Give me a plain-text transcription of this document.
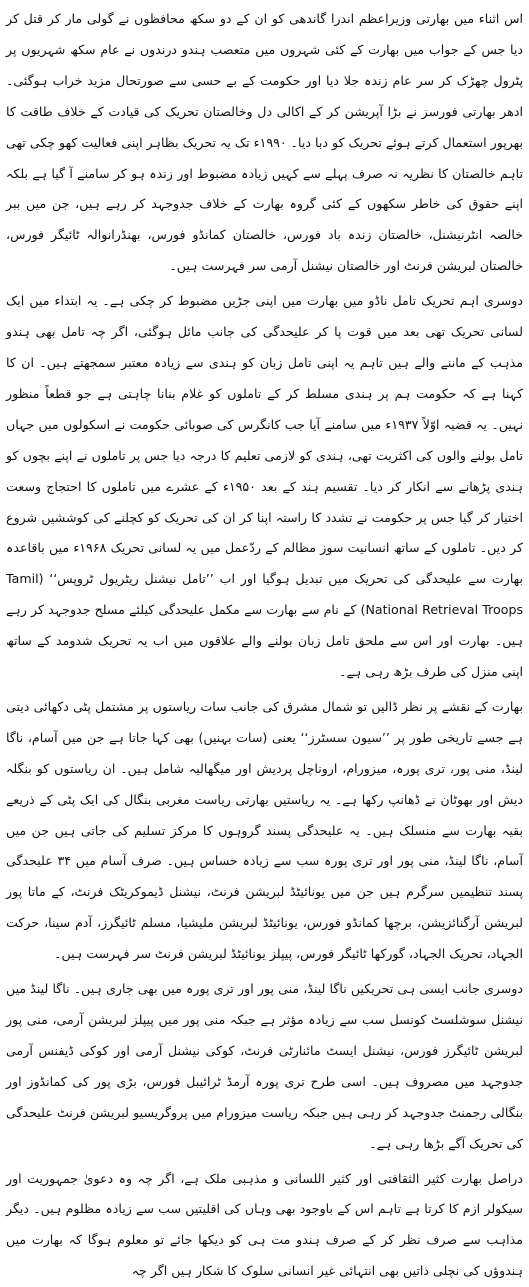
اس اثناء میں بھارتی وزیراعظم اندرا گاندھی کو ان کے دو سکھ محافظوں نے گولی مار کر قتل کر دیا جس کے جواب میں بھارت کے کئی شہروں میں متعصب ہندو درندوں نے عام سکھ شہریوں پر پٹرول چھڑک کر سر عام زندہ جلا دیا اور حکومت کے بے حسی سے صورتحال مزید خراب ہوگئی۔ ادھر بھارتی فورسز نے بڑا آپریشن کر کے اکالی دل وخالصتان تحریک کی قیادت کے خلاف طاقت کا بھرپور استعمال کرتے ہوئے تحریک کو دبا دیا۔ ۱۹۹۰ء تک یہ تحریک بظاہر اپنی فعالیت کھو چکی تھی تاہم خالصتان کا نظریہ نہ صرف پہلے سے کہیں زیادہ مضبوط اور زندہ ہو کر سامنے آ گیا ہے بلکہ اپنے حقوق کی خاطر سکھوں کے کئی گروہ بھارت کے خلاف جدوجہد کر رہے ہیں، جن میں ببر خالصہ انٹرنیشنل، خالصتان زندہ باد فورس، خالصتان کمانڈو فورس، بھنڈرانوالہ ٹائیگر فورس، خالصتان لبریشن فرنٹ اور خالصتان نیشنل آرمی سر فہرست ہیں۔

دوسری اہم تحریک تامل ناڈو میں بھارت میں اپنی جڑیں مضبوط کر چکی ہے۔ یہ ابتداء میں ایک لسانی تحریک تھی بعد میں قوت پا کر علیحدگی کی جانب مائل ہوگئی، اگر چہ تامل بھی ہندو مذہب کے ماننے والے ہیں تاہم یہ اپنی تامل زبان کو ہندی سے زیادہ معتبر سمجھتے ہیں۔ ان کا کہنا ہے کہ حکومت ہم پر ہندی مسلط کر کے تاملوں کو غلام بنانا چاہتی ہے جو قطعاً منظور نہیں۔ یہ قضیہ اوّلاً ۱۹۳۷ء میں سامنے آیا جب کانگرس کی صوبائی حکومت نے اسکولوں میں جہاں تامل بولنے والوں کی اکثریت تھی، ہندی کو لازمی تعلیم کا درجہ دیا جس پر تاملوں نے اپنے بچوں کو ہندی پڑھانے سے انکار کر دیا۔ تقسیم ہند کے بعد ۱۹۵۰ء کے عشرے میں تاملوں کا احتجاج وسعت اختیار کر گیا جس پر حکومت نے تشدد کا راستہ اپنا کر ان کی تحریک کو کچلنے کی کوششیں شروع کر دیں۔ تاملوں کے ساتھ انسانیت سوز مظالم کے ردّعمل میں یہ لسانی تحریک ۱۹۶۸ء میں باقاعدہ بھارت سے علیحدگی کی تحریک میں تبدیل ہوگیا اور اب ’’تامل نیشنل ریٹریول ٹروپس‘‘ (Tamil National Retrieval Troops) کے نام سے بھارت سے مکمل علیحدگی کیلئے مسلح جدوجہد کر رہے ہیں۔ بھارت اور اس سے ملحق تامل زبان بولنے والے علاقوں میں اب یہ تحریک شدومد کے ساتھ اپنی منزل کی طرف بڑھ رہی ہے۔

بھارت کے نقشے پر نظر ڈالیں تو شمال مشرق کی جانب سات ریاستوں پر مشتمل پٹی دکھائی دیتی ہے جسے تاریخی طور پر ’’سیون سسٹرز‘‘ یعنی (سات بہنیں) بھی کہا جاتا ہے جن میں آسام، ناگا لینڈ، منی پور، تری پورہ، میزورام، اروناچل پردیش اور میگھالیہ شامل ہیں۔ ان ریاستوں کو بنگلہ دیش اور بھوٹان نے ڈھانپ رکھا ہے۔ یہ ریاستیں بھارتی ریاست مغربی بنگال کی ایک پٹی کے ذریعے بقیہ بھارت سے منسلک ہیں۔ یہ علیحدگی پسند گروہوں کا مرکز تسلیم کی جاتی ہیں جن میں آسام، ناگا لینڈ، منی پور اور تری پورہ سب سے زیادہ حساس ہیں۔ صرف آسام میں ۳۴ علیحدگی پسند تنظیمیں سرگرم ہیں جن میں یونائیٹڈ لبریشن فرنٹ، نیشنل ڈیموکریٹک فرنٹ، کے ماتا پور لبریشن آرگنائزیشن، برچھا کمانڈو فورس، یونائیٹڈ لبریشن ملیشیا، مسلم ٹائیگرز، آدم سینا، حرکت الجہاد، تحریک الجہاد، گورکھا ٹائیگر فورس، پیپلز یونائیٹڈ لبریشن فرنٹ سر فہرست ہیں۔

دوسری جانب ایسی ہی تحریکیں ناگا لینڈ، منی پور اور تری پورہ میں بھی جاری ہیں۔ ناگا لینڈ میں نیشنل سوشلسٹ کونسل سب سے زیادہ مؤثر ہے جبکہ منی پور میں پیپلز لبریشن آرمی، منی پور لبریشن ٹائیگرز فورس، نیشنل ایسٹ مائنارٹی فرنٹ، کوکی نیشنل آرمی اور کوکی ڈیفنس آرمی جدوجہد میں مصروف ہیں۔ اسی طرح تری پورہ آرمڈ ٹرائیبل فورس، بڑی پور کی کمانڈوز اور بنگالی رجمنٹ جدوجہد کر رہی ہیں جبکہ ریاست میزورام میں پروگریسیو لبریشن فرنٹ علیحدگی کی تحریک آگے بڑھا رہی ہے۔

دراصل بھارت کثیر الثقافتی اور کثیر اللسانی و مذہبی ملک ہے، اگر چہ وہ دعویٰ جمہوریت اور سیکولر ازم کا کرتا ہے تاہم اس کے باوجود بھی وہاں کی اقلیتیں سب سے زیادہ مظلوم ہیں۔ دیگر مذاہب سے صرف نظر کر کے صرف ہندو مت ہی کو دیکھا جائے تو معلوم ہوگا کہ بھارت میں ہندوؤں کی نچلی ذاتیں بھی انتہائی غیر انسانی سلوک کا شکار ہیں اگر چہ
